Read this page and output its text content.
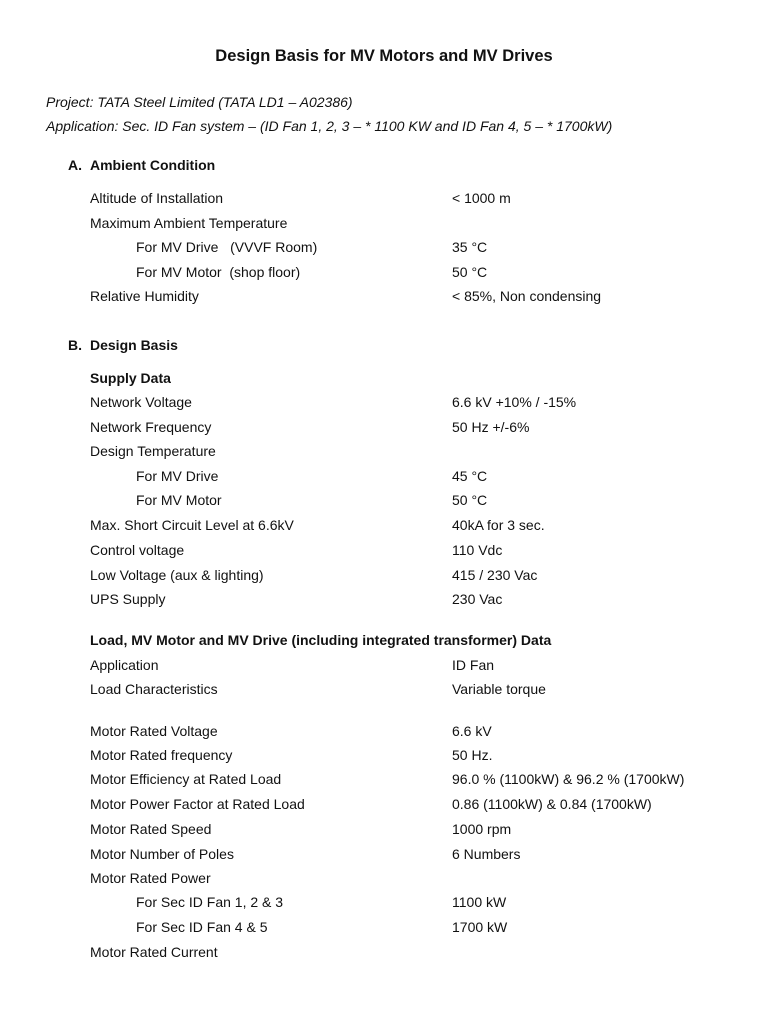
Design Basis for MV Motors and MV Drives
Project: TATA Steel Limited (TATA LD1 – A02386)
Application: Sec. ID Fan system – (ID Fan 1, 2, 3 – * 1100 KW and ID Fan 4, 5 – * 1700kW)
A. Ambient Condition
Altitude of Installation	< 1000 m
Maximum Ambient Temperature
For MV Drive   (VVVF Room)	35 °C
For MV Motor  (shop floor)	50 °C
Relative Humidity	< 85%, Non condensing
B. Design Basis
Supply Data
Network Voltage	6.6 kV +10% / -15%
Network Frequency	50 Hz +/-6%
Design Temperature
For MV Drive	45 °C
For MV Motor	50 °C
Max. Short Circuit Level at 6.6kV	40kA for 3 sec.
Control voltage	110 Vdc
Low Voltage (aux & lighting)	415 / 230 Vac
UPS Supply	230 Vac
Load, MV Motor and MV Drive (including integrated transformer) Data
Application	ID Fan
Load Characteristics	Variable torque
Motor Rated Voltage	6.6 kV
Motor Rated frequency	50 Hz.
Motor Efficiency at Rated Load	96.0 % (1100kW) & 96.2 % (1700kW)
Motor Power Factor at Rated Load	0.86 (1100kW) & 0.84 (1700kW)
Motor Rated Speed	1000 rpm
Motor Number of Poles	6 Numbers
Motor Rated Power
For Sec ID Fan 1, 2 & 3	1100 kW
For Sec ID Fan 4 & 5	1700 kW
Motor Rated Current
